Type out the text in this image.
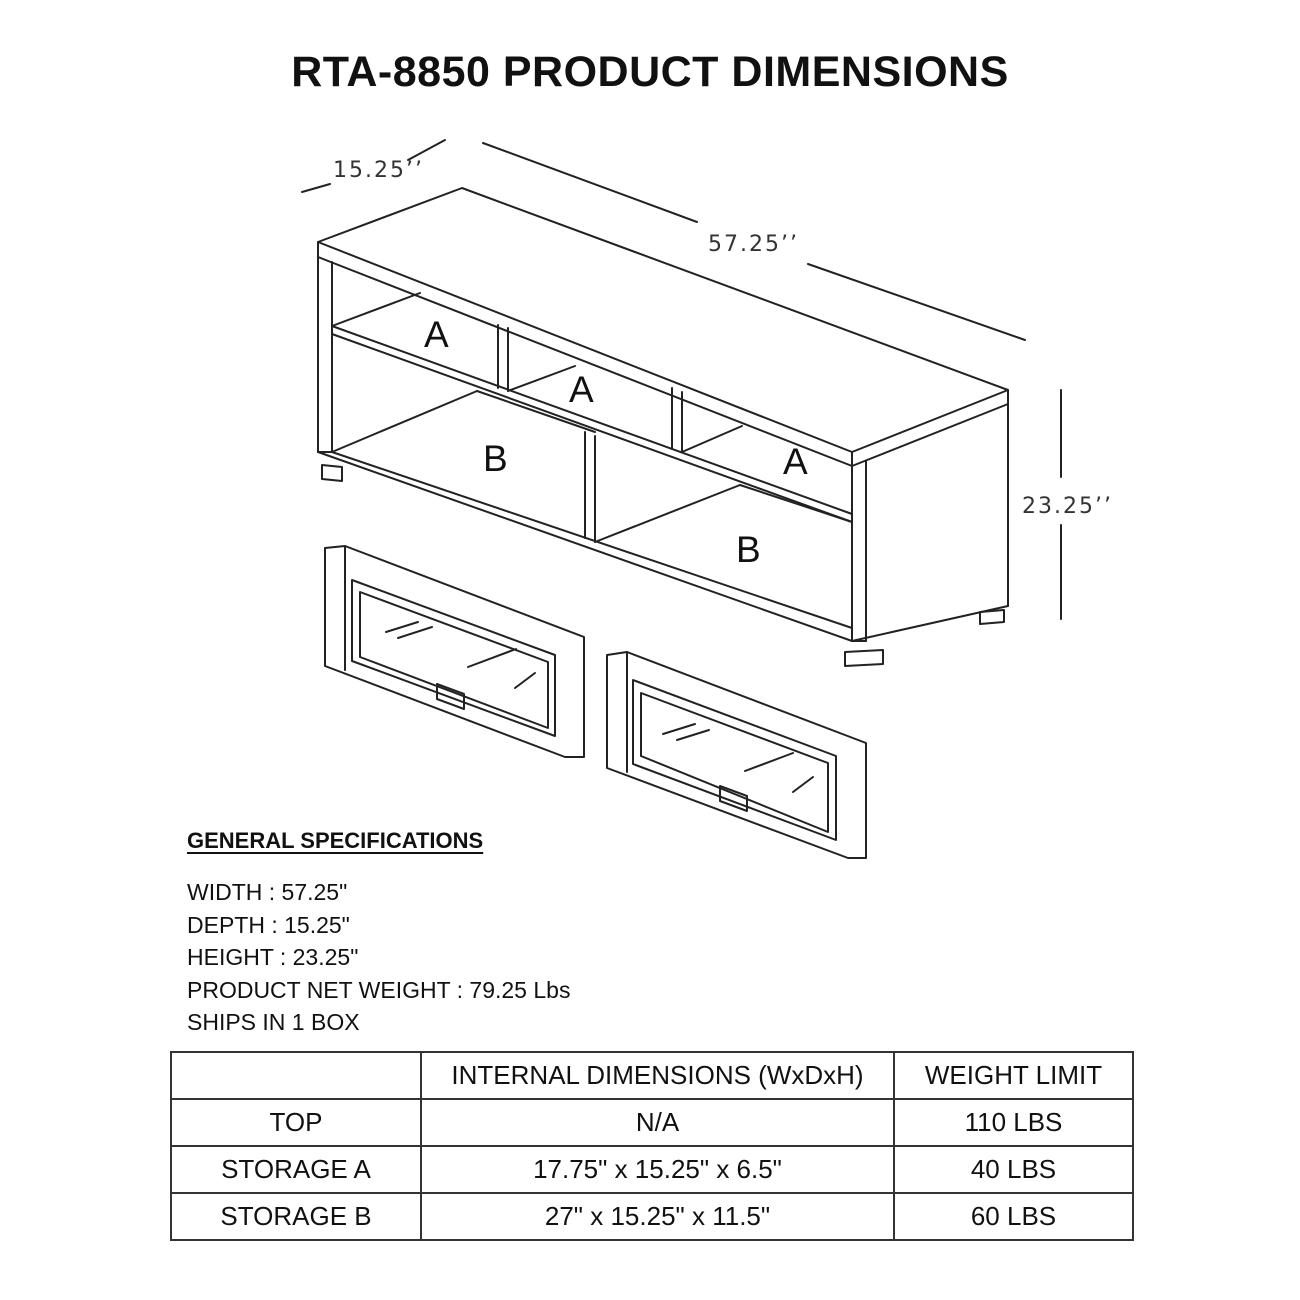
RTA-8850 PRODUCT DIMENSIONS
15.25’’
57.25’’
23.25’’
A
A
A
B
B
GENERAL SPECIFICATIONS
WIDTH : 57.25"
DEPTH : 15.25"
HEIGHT : 23.25"
PRODUCT NET WEIGHT : 79.25 Lbs
SHIPS IN 1 BOX
	INTERNAL DIMENSIONS (WxDxH)	WEIGHT LIMIT
TOP	N/A	110 LBS
STORAGE A	17.75" x 15.25" x 6.5"	40 LBS
STORAGE B	27" x 15.25" x 11.5"	60 LBS
